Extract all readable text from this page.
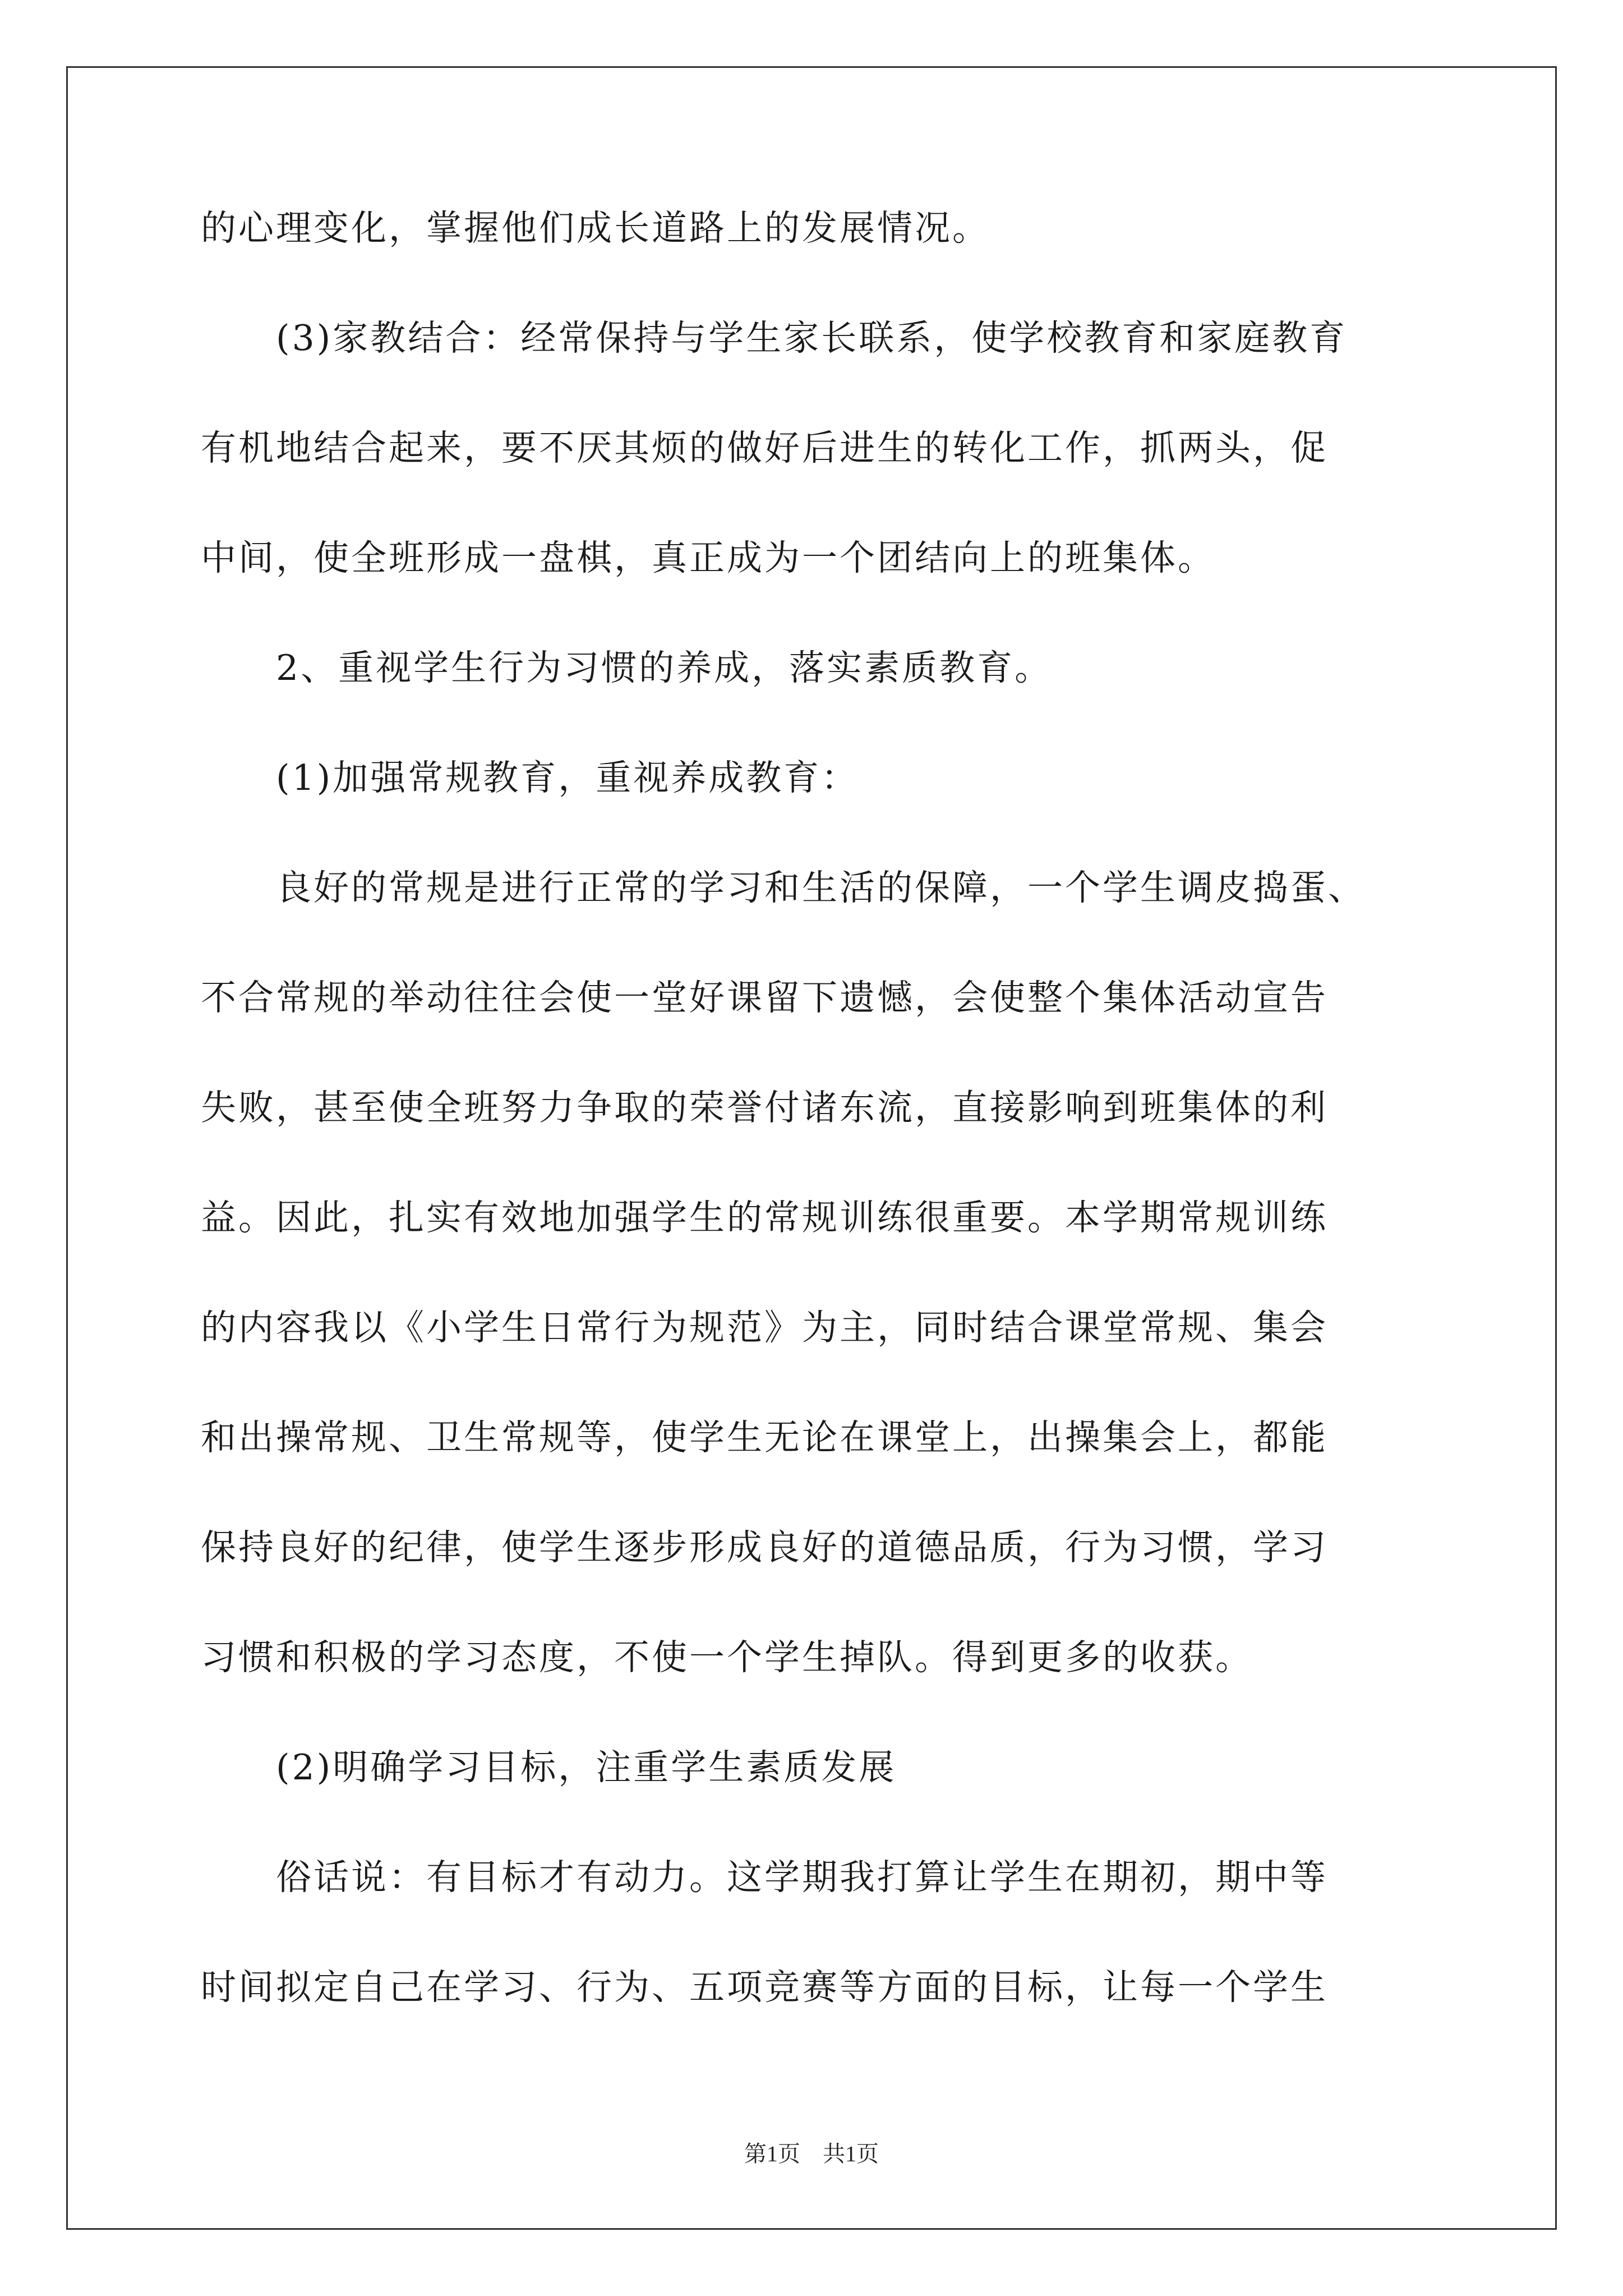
的心理变化，掌握他们成长道路上的发展情况。
　　(3)家教结合：经常保持与学生家长联系，使学校教育和家庭教育
有机地结合起来，要不厌其烦的做好后进生的转化工作，抓两头，促
中间，使全班形成一盘棋，真正成为一个团结向上的班集体。
　　2、重视学生行为习惯的养成，落实素质教育。
　　(1)加强常规教育，重视养成教育：
　　良好的常规是进行正常的学习和生活的保障，一个学生调皮捣蛋、
不合常规的举动往往会使一堂好课留下遗憾，会使整个集体活动宣告
失败，甚至使全班努力争取的荣誉付诸东流，直接影响到班集体的利
益。因此，扎实有效地加强学生的常规训练很重要。本学期常规训练
的内容我以《小学生日常行为规范》为主，同时结合课堂常规、集会
和出操常规、卫生常规等，使学生无论在课堂上，出操集会上，都能
保持良好的纪律，使学生逐步形成良好的道德品质，行为习惯，学习
习惯和积极的学习态度，不使一个学生掉队。得到更多的收获。
　　(2)明确学习目标，注重学生素质发展
　　俗话说：有目标才有动力。这学期我打算让学生在期初，期中等
时间拟定自己在学习、行为、五项竞赛等方面的目标，让每一个学生
第1页　共1页
